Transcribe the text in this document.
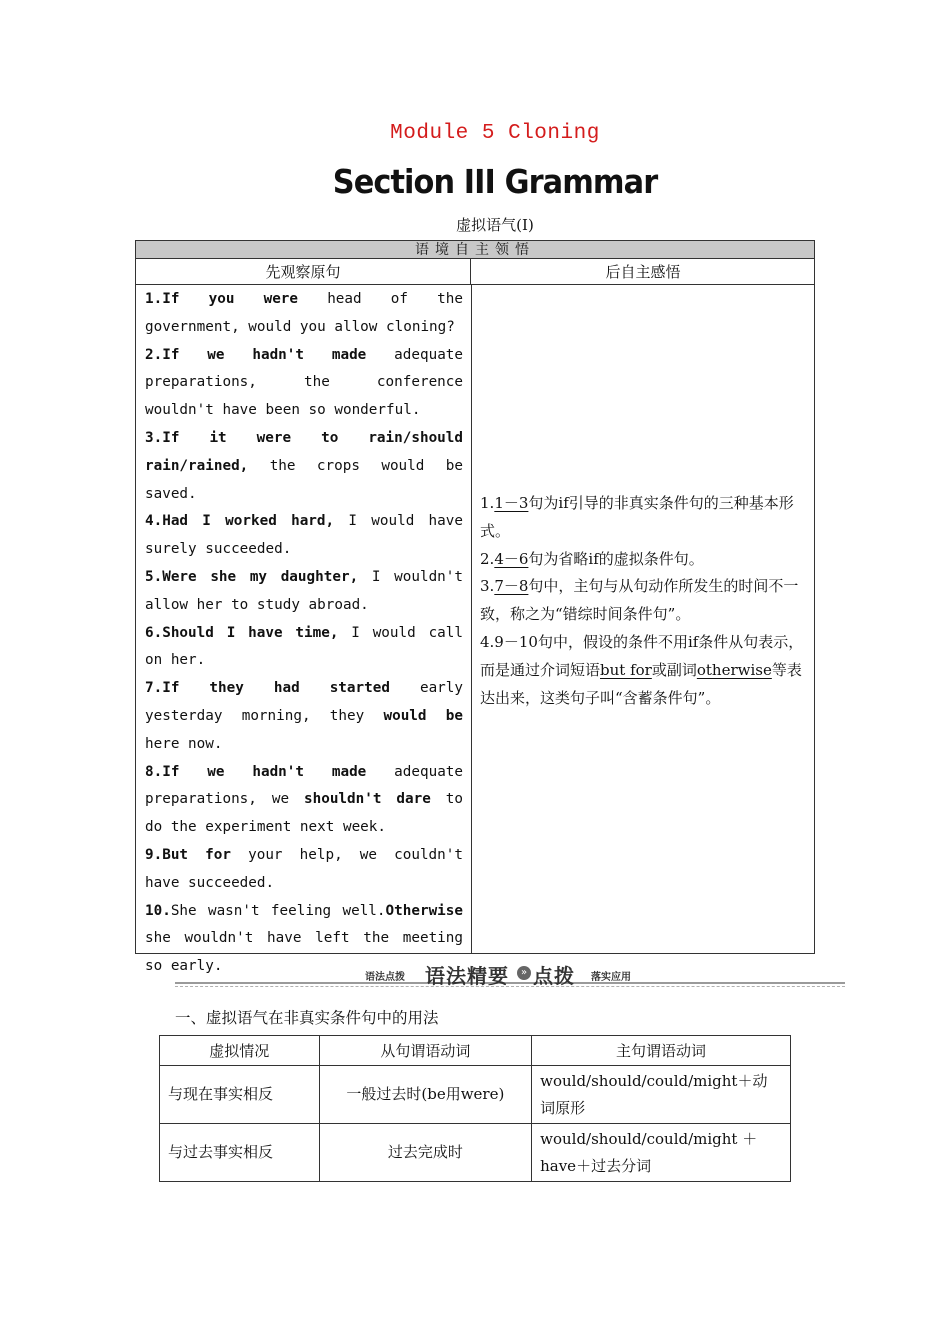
Module 5 Cloning
Section III Grammar
虚拟语气(Ⅰ)
语境自主领悟
先观察原句	后自主感悟

1.If you were head of the government, would you allow cloning?

2.If we hadn't made adequate preparations, the conference wouldn't have been so wonderful.

3.If it were to rain/should rain/rained, the crops would be saved.

4.Had I worked hard, I would have surely succeeded.

5.Were she my daughter, I wouldn't allow her to study abroad.

6.Should I have time, I would call on her.

7.If they had started early yesterday morning, they would be here now.

8.If we hadn't made adequate preparations, we shouldn't dare to do the experiment next week.

9.But for your help, we couldn't have succeeded.

10.She wasn't feeling well.Otherwise she wouldn't have left the meeting so early.

1.1－3句为if引导的非真实条件句的三种基本形式。

2.4－6句为省略if的虚拟条件句。

3.7－8句中，主句与从句动作所发生的时间不一致，称之为“错综时间条件句”。

4.9－10句中，假设的条件不用if条件从句表示，而是通过介词短语but for或副词otherwise等表达出来，这类句子叫“含蓄条件句”。

语法点拨 语法精要	» 点拨 落实应用
一、虚拟语气在非真实条件句中的用法
虚拟情况	从句谓语动词	主句谓语动词
与现在事实相反	一般过去时(be用were)	would/should/could/might＋动词原形
与过去事实相反	过去完成时	would/should/could/might ＋have＋过去分词
